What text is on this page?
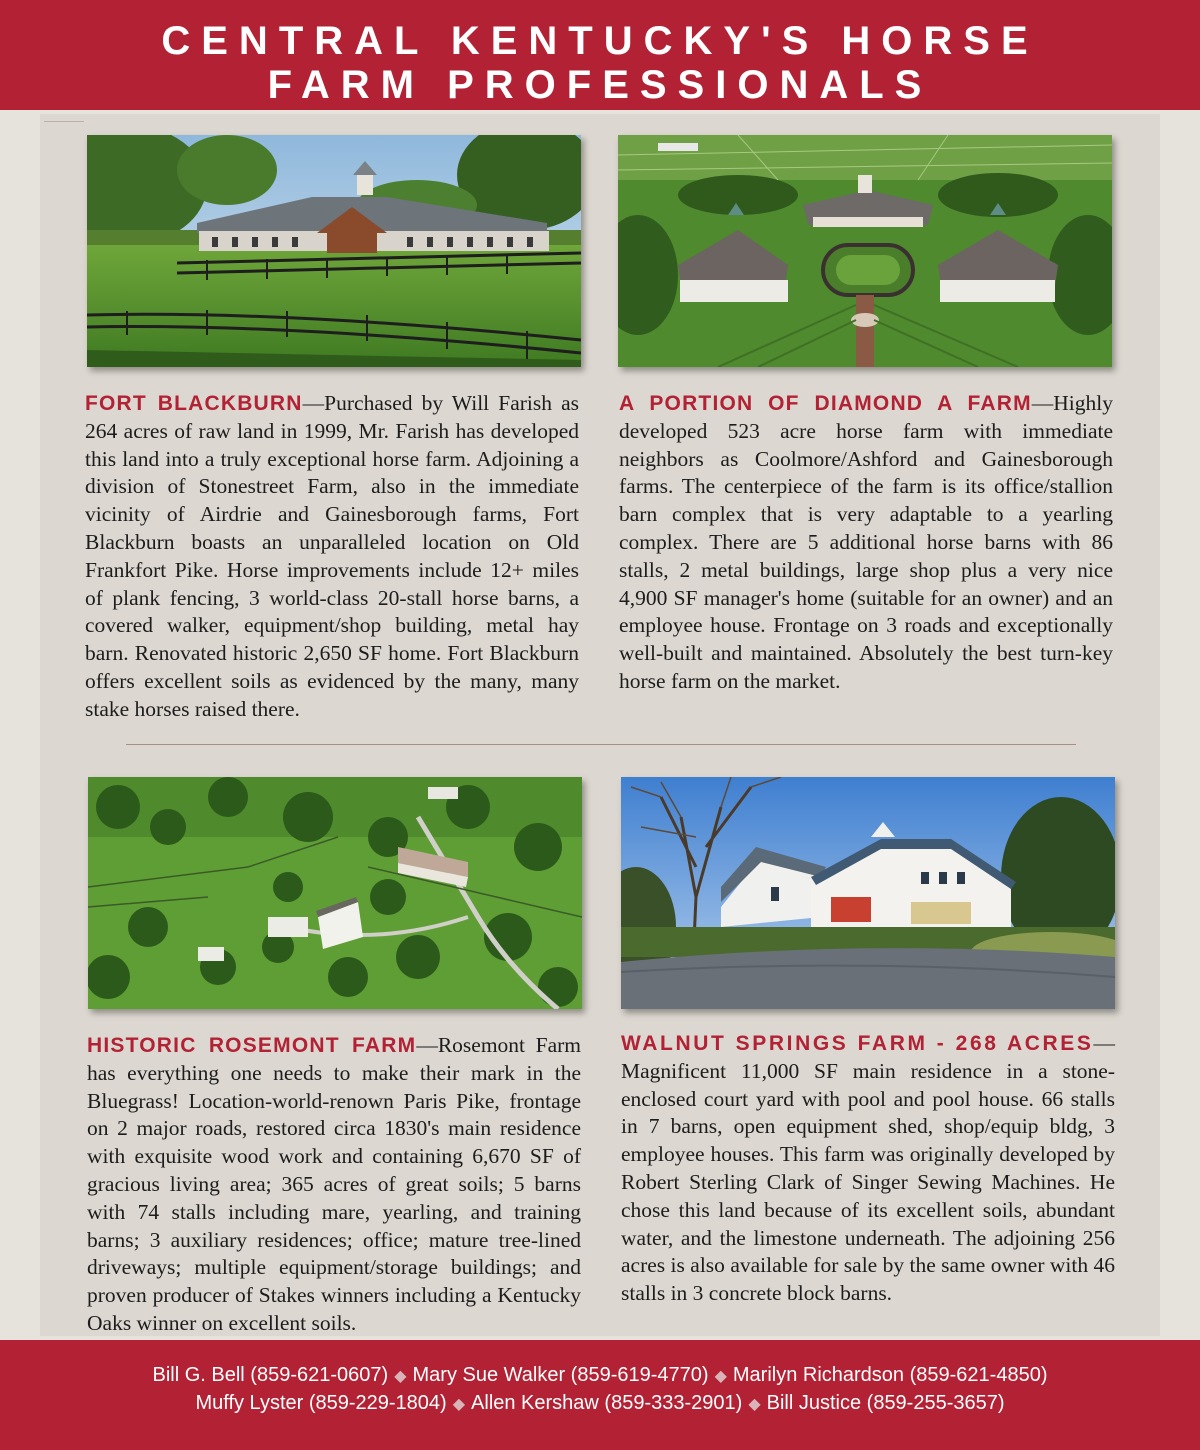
CENTRAL KENTUCKY'S HORSE
FARM PROFESSIONALS
FORT BLACKBURN—Purchased by Will Farish as 264 acres of raw land in 1999, Mr. Farish has developed this land into a truly exceptional horse farm. Adjoining a division of Stonestreet Farm, also in the immediate vicinity of Airdrie and Gainesborough farms, Fort Blackburn boasts an unparalleled location on Old Frankfort Pike. Horse improvements include 12+ miles of plank fencing, 3 world-class 20-stall horse barns, a covered walker, equipment/shop building, metal hay barn. Renovated historic 2,650 SF home. Fort Blackburn offers excellent soils as evidenced by the many, many stake horses raised there.
A PORTION OF DIAMOND A FARM—Highly developed 523 acre horse farm with immediate neighbors as Coolmore/Ashford and Gainesborough farms. The centerpiece of the farm is its office/stallion barn complex that is very adaptable to a yearling complex. There are 5 additional horse barns with 86 stalls, 2 metal buildings, large shop plus a very nice 4,900 SF manager's home (suitable for an owner) and an employee house. Frontage on 3 roads and exceptionally well-built and maintained. Absolutely the best turn-key horse farm on the market.
HISTORIC ROSEMONT FARM—Rosemont Farm has everything one needs to make their mark in the Bluegrass! Location-world-renown Paris Pike, frontage on 2 major roads, restored circa 1830's main residence with exquisite wood work and containing 6,670 SF of gracious living area; 365 acres of great soils; 5 barns with 74 stalls including mare, yearling, and training barns; 3 auxiliary residences; office; mature tree-lined driveways; multiple equipment/storage buildings; and proven producer of Stakes winners including a Kentucky Oaks winner on excellent soils.
WALNUT SPRINGS FARM - 268 ACRES—Magnificent 11,000 SF main residence in a stone-enclosed court yard with pool and pool house. 66 stalls in 7 barns, open equipment shed, shop/equip bldg, 3 employee houses. This farm was originally developed by Robert Sterling Clark of Singer Sewing Machines. He chose this land because of its excellent soils, abundant water, and the limestone underneath. The adjoining 256 acres is also available for sale by the same owner with 46 stalls in 3 concrete block barns.
Bill G. Bell (859-621-0607) ◆ Mary Sue Walker (859-619-4770) ◆ Marilyn Richardson (859-621-4850)
Muffy Lyster (859-229-1804) ◆ Allen Kershaw (859-333-2901) ◆ Bill Justice (859-255-3657)
